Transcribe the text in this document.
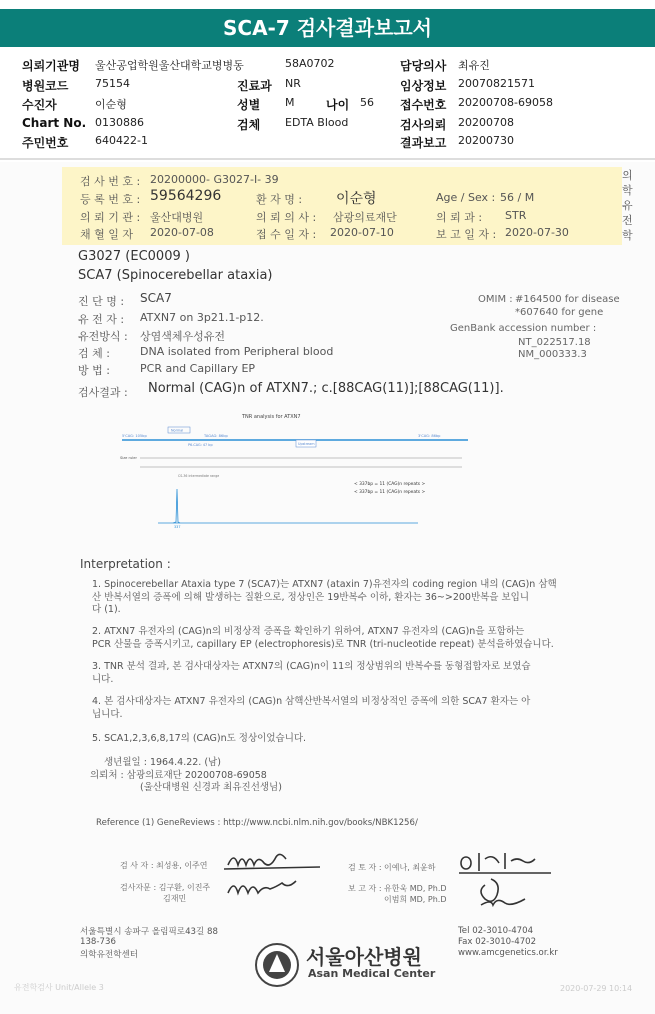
SCA-7 검사결과보고서
의뢰기관명 울산공업학원울산대학교병병동	58A0702	담당의사 최유진
병원코드 75154	진료과 NR	임상정보 20070821571
수진자	이순형	성별 M	나이 56 접수번호 20200708-69058
Chart No. 0130886	검체 EDTA Blood	검사의뢰 20200708
주민번호 640422-1	결과보고 20200730
검 사 번 호 : 20200000- G3027-I- 39
등 록 번 호 : 59564296	환 자 명 : 이순형	Age / Sex : 56 / M
의 뢰 기 관 : 울산대병원	의 뢰 의 사 : 삼광의료재단	의 뢰 과 : STR
채 혈 일 자 2020-07-08	접 수 일 자 : 2020-07-10	보 고 일 자 : 2020-07-30
의학유전학
G3027 (EC0009 )
SCA7 (Spinocerebellar ataxia)
진 단 명 : SCA7
유 전 자 : ATXN7 on 3p21.1-p12.
유전방식 : 상염색체우성유전
검 체 :	DNA isolated from Peripheral blood
방 법 :	PCR and Capillary EP
OMIM : #164500 for disease
*607640 for gene
GenBank accession number :
NT_022517.18
NM_000333.3
검사결과 : Normal (CAG)n of ATXN7.; c.[88CAG(11)];[88CAG(11)].
TNR analysis for ATXN7
5'CAG: 105bp	TAGAG: 86bp	3'CAG: 86bp
Normal
P6-CAG: 47 bp	Upstream
Size ruler
CS-36 intermediate range
337
< 337bp = 11 (CAG)n repeats >
< 337bp = 11 (CAG)n repeats >
Interpretation :
1. Spinocerebellar Ataxia type 7 (SCA7)는 ATXN7 (ataxin 7)유전자의 coding region 내의 (CAG)n 삼핵
산 반복서열의 증폭에 의해 발생하는 질환으로, 정상인은 19반복수 이하, 환자는 36~>200반복을 보입니
다 (1).
2. ATXN7 유전자의 (CAG)n의 비정상적 증폭을 확인하기 위하여, ATXN7 유전자의 (CAG)n을 포함하는
PCR 산물을 증폭시키고, capillary EP (electrophoresis)로 TNR (tri-nucleotide repeat) 분석을하였습니다.
3. TNR 분석 결과, 본 검사대상자는 ATXN7의 (CAG)n이 11의 정상범위의 반복수를 동형접합자로 보였습
니다.
4. 본 검사대상자는 ATXN7 유전자의 (CAG)n 삼핵산반복서열의 비정상적인 증폭에 의한 SCA7 환자는 아
닙니다.
5. SCA1,2,3,6,8,17의 (CAG)n도 정상이었습니다.
생년월일 : 1964.4.22. (남)
의뢰처 : 삼광의료재단 20200708-69058
(울산대병원 신경과 최유진선생님)
Reference (1) GeneReviews : http://www.ncbi.nlm.nih.gov/books/NBK1256/
검 사 자 : 최성용, 이주연	검 토 자 : 이예나, 최윤하
검사자문 : 김구환, 이진주
김재민
보 고 자 : 유한욱 MD, Ph.D
이범희 MD, Ph.D
서울특별시 송파구 올림픽로43길 88
138-736
의학유전학센터	서울아산병원
Asan Medical Center
Tel 02-3010-4704
Fax 02-3010-4702
www.amcgenetics.or.kr
유전학검사 Unit/Allele 3	2020-07-29 10:14
